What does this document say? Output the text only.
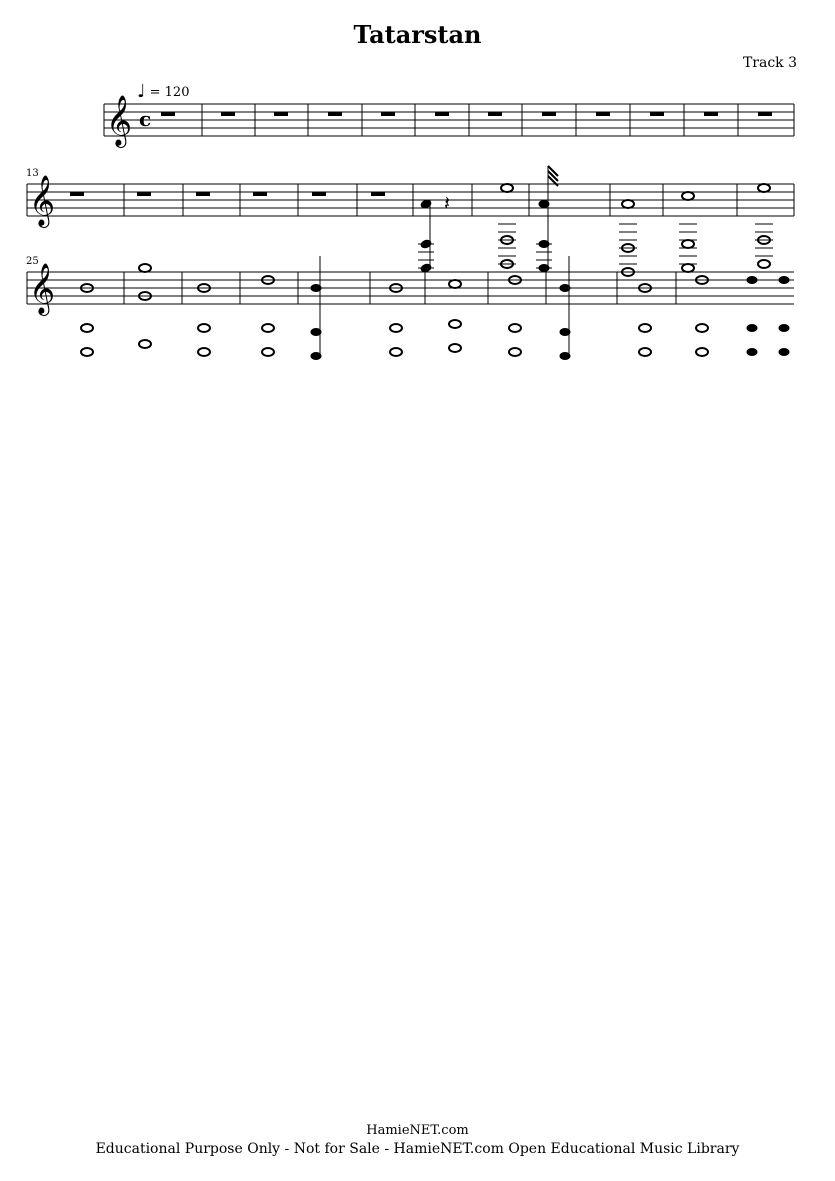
Tatarstan
Track 3
♩ = 120
𝄞 c
𝄞	𝄽
𝄞
13
25
HamieNET.com
Educational Purpose Only - Not for Sale - HamieNET.com Open Educational Music Library
